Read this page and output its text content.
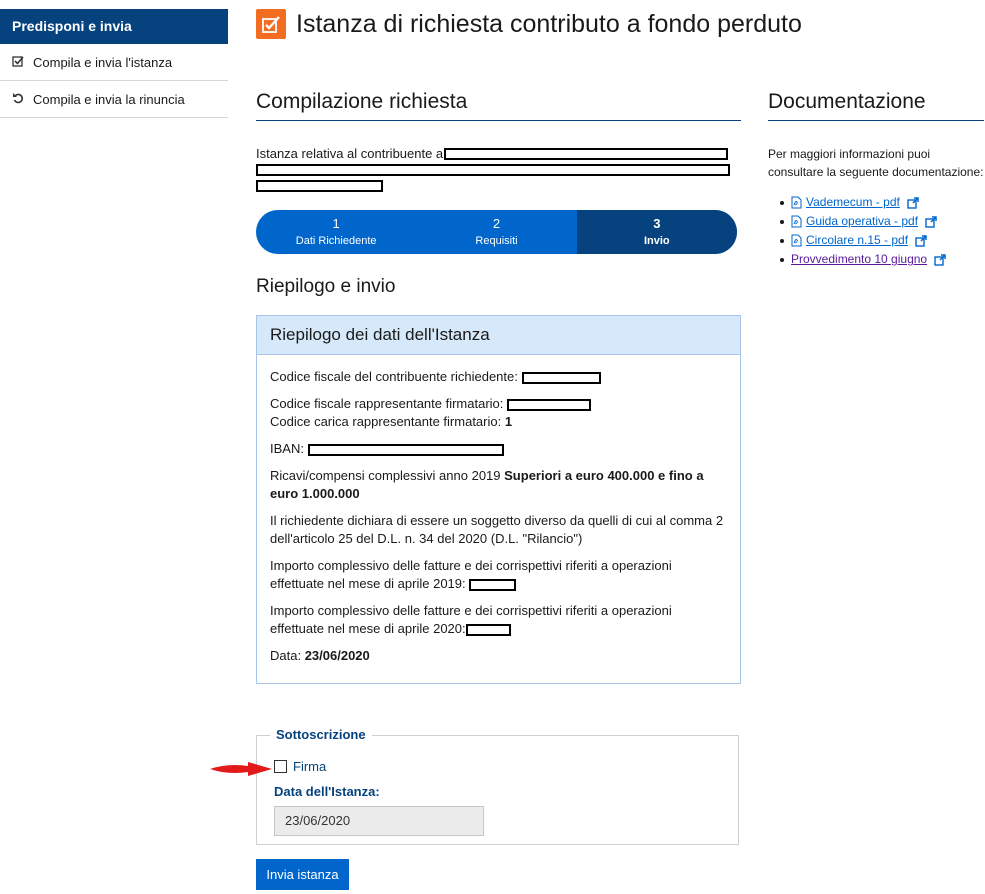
Predisponi e invia
Compila e invia l'istanza
Compila e invia la rinuncia
Istanza di richiesta contributo a fondo perduto
Compilazione richiesta
Istanza relativa al contribuente a
1
Dati Richiedente
2
Requisiti
3
Invio
Riepilogo e invio
Riepilogo dei dati dell'Istanza

Codice fiscale del contribuente richiedente:

Codice fiscale rappresentante firmatario:

Codice carica rappresentante firmatario: 1

IBAN:

Ricavi/compensi complessivi anno 2019 Superiori a euro 400.000 e fino a euro 1.000.000

Il richiedente dichiara di essere un soggetto diverso da quelli di cui al comma 2 dell'articolo 25 del D.L. n. 34 del 2020 (D.L. "Rilancio")

Importo complessivo delle fatture e dei corrispettivi riferiti a operazioni effettuate nel mese di aprile 2019:

Importo complessivo delle fatture e dei corrispettivi riferiti a operazioni effettuate nel mese di aprile 2020:

Data: 23/06/2020

Sottoscrizione
Firma
Data dell'Istanza:
23/06/2020
Invia istanza
Documentazione
Per maggiori informazioni puoi consultare la seguente documentazione:
Vademecum - pdf
Guida operativa - pdf
Circolare n.15 - pdf
Provvedimento 10 giugno
